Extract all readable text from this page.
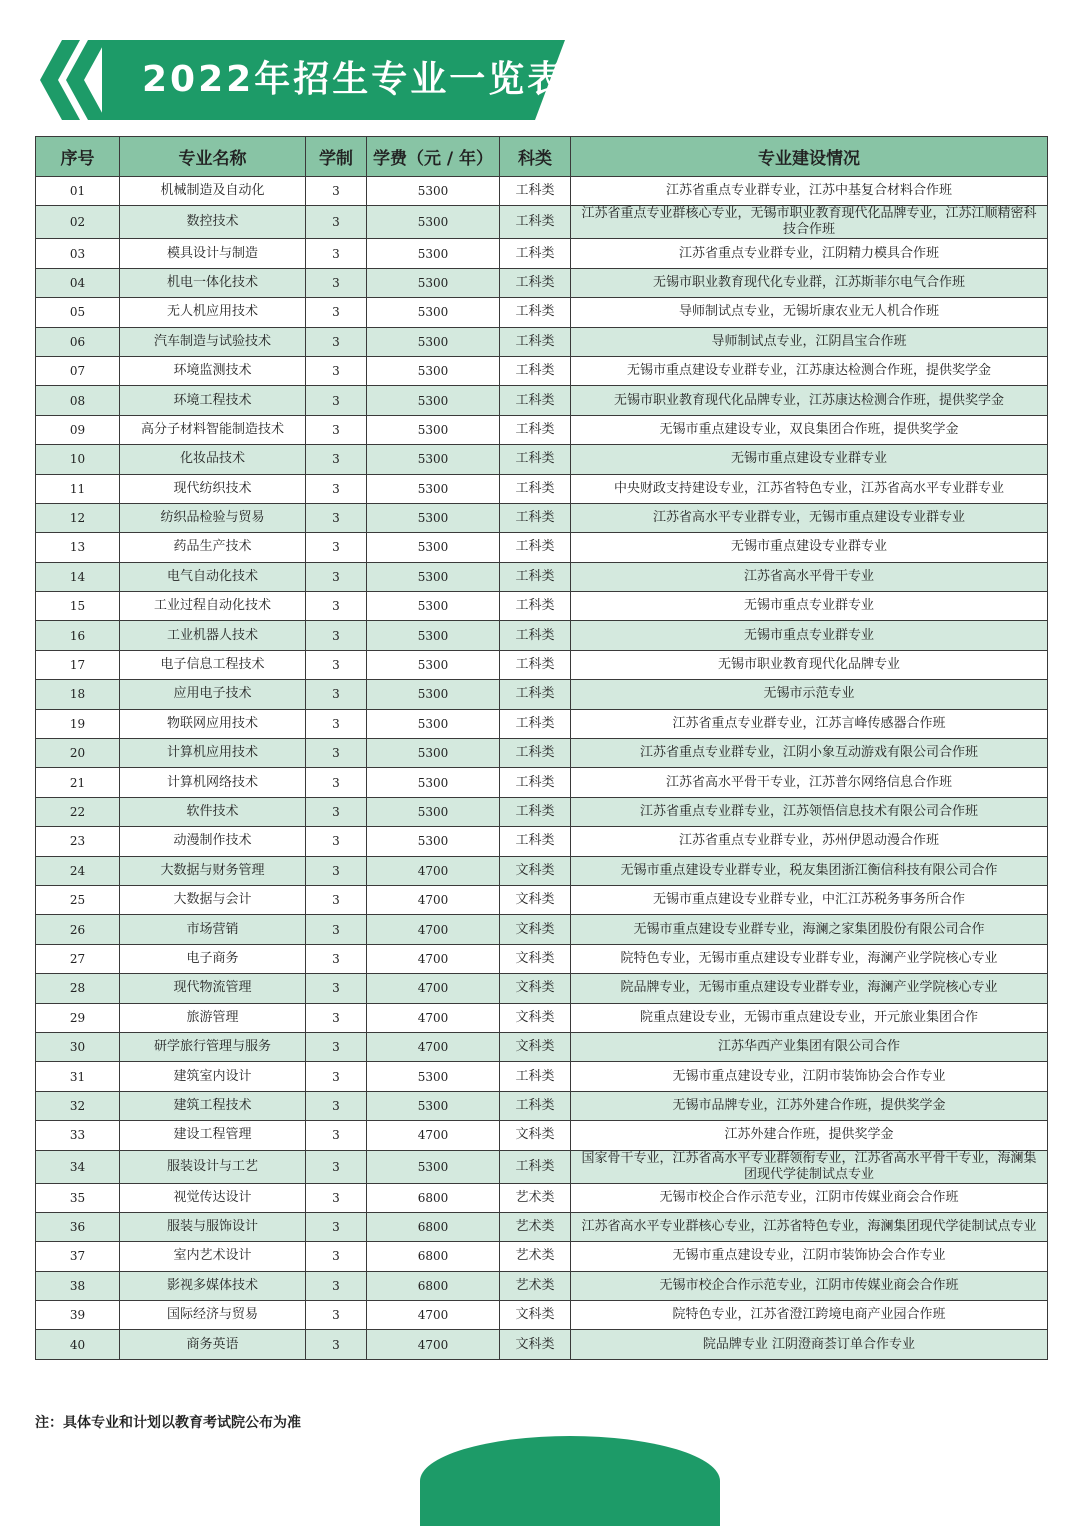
2022年招生专业一览表
序号	专业名称	学制	学费（元 / 年）	科类	专业建设情况
01	机械制造及自动化	3	5300	工科类	江苏省重点专业群专业，江苏中基复合材料合作班
02	数控技术	3	5300	工科类	江苏省重点专业群核心专业，无锡市职业教育现代化品牌专业，江苏江顺精密科技合作班
03	模具设计与制造	3	5300	工科类	江苏省重点专业群专业，江阴精力模具合作班
04	机电一体化技术	3	5300	工科类	无锡市职业教育现代化专业群，江苏斯菲尔电气合作班
05	无人机应用技术	3	5300	工科类	导师制试点专业，无锡圻康农业无人机合作班
06	汽车制造与试验技术	3	5300	工科类	导师制试点专业，江阴昌宝合作班
07	环境监测技术	3	5300	工科类	无锡市重点建设专业群专业，江苏康达检测合作班，提供奖学金
08	环境工程技术	3	5300	工科类	无锡市职业教育现代化品牌专业，江苏康达检测合作班，提供奖学金
09	高分子材料智能制造技术	3	5300	工科类	无锡市重点建设专业，双良集团合作班，提供奖学金
10	化妆品技术	3	5300	工科类	无锡市重点建设专业群专业
11	现代纺织技术	3	5300	工科类	中央财政支持建设专业，江苏省特色专业，江苏省高水平专业群专业
12	纺织品检验与贸易	3	5300	工科类	江苏省高水平专业群专业，无锡市重点建设专业群专业
13	药品生产技术	3	5300	工科类	无锡市重点建设专业群专业
14	电气自动化技术	3	5300	工科类	江苏省高水平骨干专业
15	工业过程自动化技术	3	5300	工科类	无锡市重点专业群专业
16	工业机器人技术	3	5300	工科类	无锡市重点专业群专业
17	电子信息工程技术	3	5300	工科类	无锡市职业教育现代化品牌专业
18	应用电子技术	3	5300	工科类	无锡市示范专业
19	物联网应用技术	3	5300	工科类	江苏省重点专业群专业，江苏言峰传感器合作班
20	计算机应用技术	3	5300	工科类	江苏省重点专业群专业，江阴小象互动游戏有限公司合作班
21	计算机网络技术	3	5300	工科类	江苏省高水平骨干专业，江苏普尔网络信息合作班
22	软件技术	3	5300	工科类	江苏省重点专业群专业，江苏领悟信息技术有限公司合作班
23	动漫制作技术	3	5300	工科类	江苏省重点专业群专业，苏州伊恩动漫合作班
24	大数据与财务管理	3	4700	文科类	无锡市重点建设专业群专业，税友集团浙江衡信科技有限公司合作
25	大数据与会计	3	4700	文科类	无锡市重点建设专业群专业，中汇江苏税务事务所合作
26	市场营销	3	4700	文科类	无锡市重点建设专业群专业，海澜之家集团股份有限公司合作
27	电子商务	3	4700	文科类	院特色专业，无锡市重点建设专业群专业，海澜产业学院核心专业
28	现代物流管理	3	4700	文科类	院品牌专业，无锡市重点建设专业群专业，海澜产业学院核心专业
29	旅游管理	3	4700	文科类	院重点建设专业，无锡市重点建设专业，开元旅业集团合作
30	研学旅行管理与服务	3	4700	文科类	江苏华西产业集团有限公司合作
31	建筑室内设计	3	5300	工科类	无锡市重点建设专业，江阴市装饰协会合作专业
32	建筑工程技术	3	5300	工科类	无锡市品牌专业，江苏外建合作班，提供奖学金
33	建设工程管理	3	4700	文科类	江苏外建合作班，提供奖学金
34	服装设计与工艺	3	5300	工科类	国家骨干专业，江苏省高水平专业群领衔专业，江苏省高水平骨干专业，海澜集团现代学徒制试点专业
35	视觉传达设计	3	6800	艺术类	无锡市校企合作示范专业，江阴市传媒业商会合作班
36	服装与服饰设计	3	6800	艺术类	江苏省高水平专业群核心专业，江苏省特色专业，海澜集团现代学徒制试点专业
37	室内艺术设计	3	6800	艺术类	无锡市重点建设专业，江阴市装饰协会合作专业
38	影视多媒体技术	3	6800	艺术类	无锡市校企合作示范专业，江阴市传媒业商会合作班
39	国际经济与贸易	3	4700	文科类	院特色专业，江苏省澄江跨境电商产业园合作班
40	商务英语	3	4700	文科类	院品牌专业 江阴澄商荟订单合作专业
注：具体专业和计划以教育考试院公布为准
